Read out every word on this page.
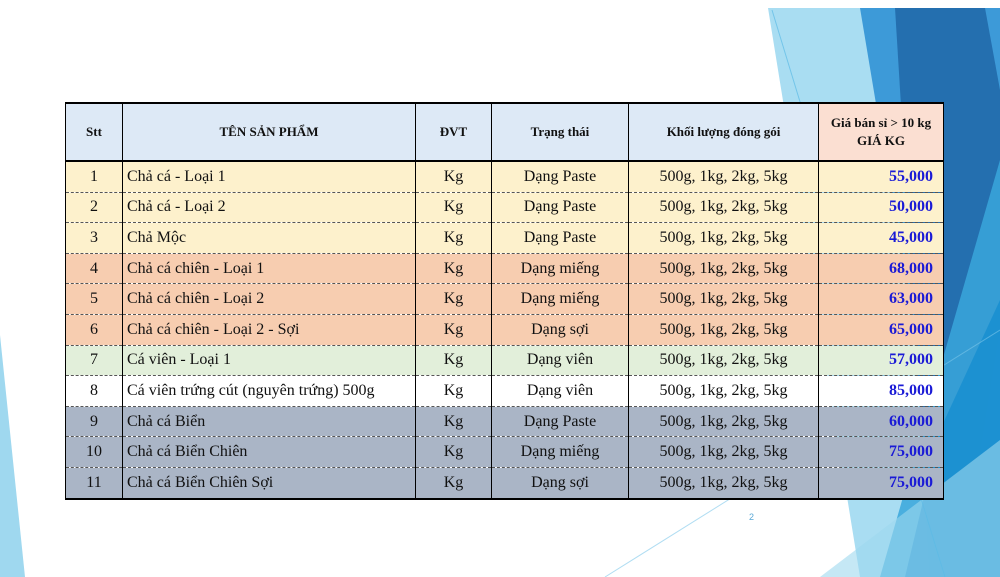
Stt	TÊN SẢN PHẨM	ĐVT	Trạng thái	Khối lượng đóng gói	Giá bán sỉ > 10 kg
GIÁ KG

1	Chả cá - Loại 1	Kg	Dạng Paste	500g, 1kg, 2kg, 5kg	55,000
2	Chả cá - Loại 2	Kg	Dạng Paste	500g, 1kg, 2kg, 5kg	50,000
3	Chả Mộc	Kg	Dạng Paste	500g, 1kg, 2kg, 5kg	45,000
4	Chả cá chiên - Loại 1	Kg	Dạng miếng	500g, 1kg, 2kg, 5kg	68,000
5	Chả cá chiên - Loại 2	Kg	Dạng miếng	500g, 1kg, 2kg, 5kg	63,000
6	Chả cá chiên - Loại 2 - Sợi	Kg	Dạng sợi	500g, 1kg, 2kg, 5kg	65,000
7	Cá viên - Loại 1	Kg	Dạng viên	500g, 1kg, 2kg, 5kg	57,000
8	Cá viên trứng cút (nguyên trứng) 500g	Kg	Dạng viên	500g, 1kg, 2kg, 5kg	85,000
9	Chả cá Biển	Kg	Dạng Paste	500g, 1kg, 2kg, 5kg	60,000
10	Chả cá Biển Chiên	Kg	Dạng miếng	500g, 1kg, 2kg, 5kg	75,000
11	Chả cá Biển Chiên Sợi	Kg	Dạng sợi	500g, 1kg, 2kg, 5kg	75,000
2
